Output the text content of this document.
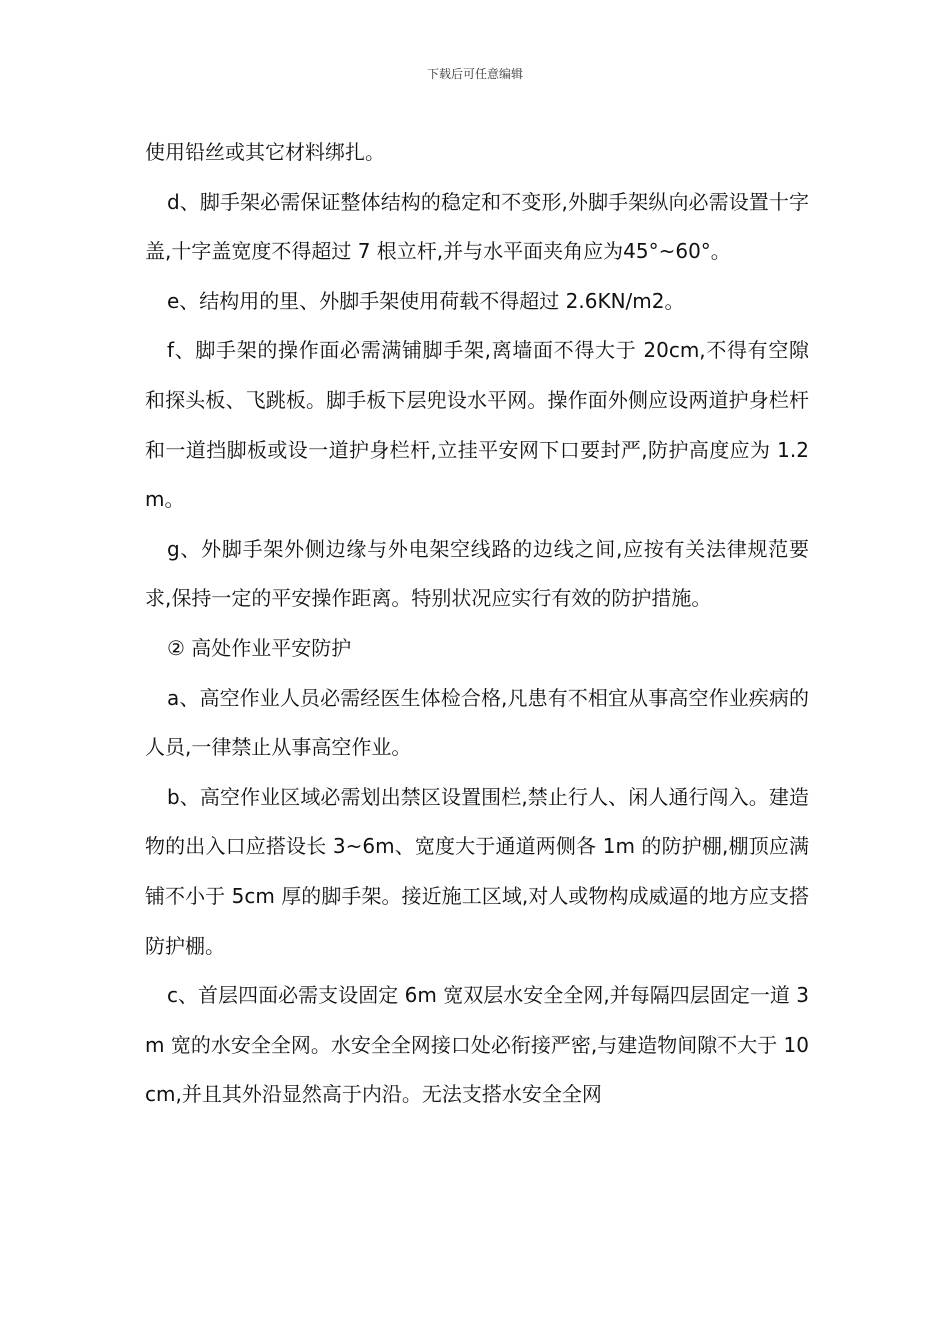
下载后可任意编辑

使用铅丝或其它材料绑扎。

d、脚手架必需保证整体结构的稳定和不变形,外脚手架纵向必需设置十字盖,十字盖宽度不得超过 7 根立杆,并与水平面夹角应为45°~60°。

e、结构用的里、外脚手架使用荷载不得超过 2.6KN/m2。

f、脚手架的操作面必需满铺脚手架,离墙面不得大于 20cm,不得有空隙和探头板、飞跳板。脚手板下层兜设水平网。操作面外侧应设两道护身栏杆和一道挡脚板或设一道护身栏杆,立挂平安网下口要封严,防护高度应为 1.2m。

g、外脚手架外侧边缘与外电架空线路的边线之间,应按有关法律规范要求,保持一定的平安操作距离。特别状况应实行有效的防护措施。

② 高处作业平安防护

a、高空作业人员必需经医生体检合格,凡患有不相宜从事高空作业疾病的人员,一律禁止从事高空作业。

b、高空作业区域必需划出禁区设置围栏,禁止行人、闲人通行闯入。建造物的出入口应搭设长 3~6m、宽度大于通道两侧各 1m 的防护棚,棚顶应满铺不小于 5cm 厚的脚手架。接近施工区域,对人或物构成威逼的地方应支搭防护棚。

c、首层四面必需支设固定 6m 宽双层水安全全网,并每隔四层固定一道 3m 宽的水安全全网。水安全全网接口处必衔接严密,与建造物间隙不大于 10cm,并且其外沿显然高于内沿。无法支搭水安全全网
